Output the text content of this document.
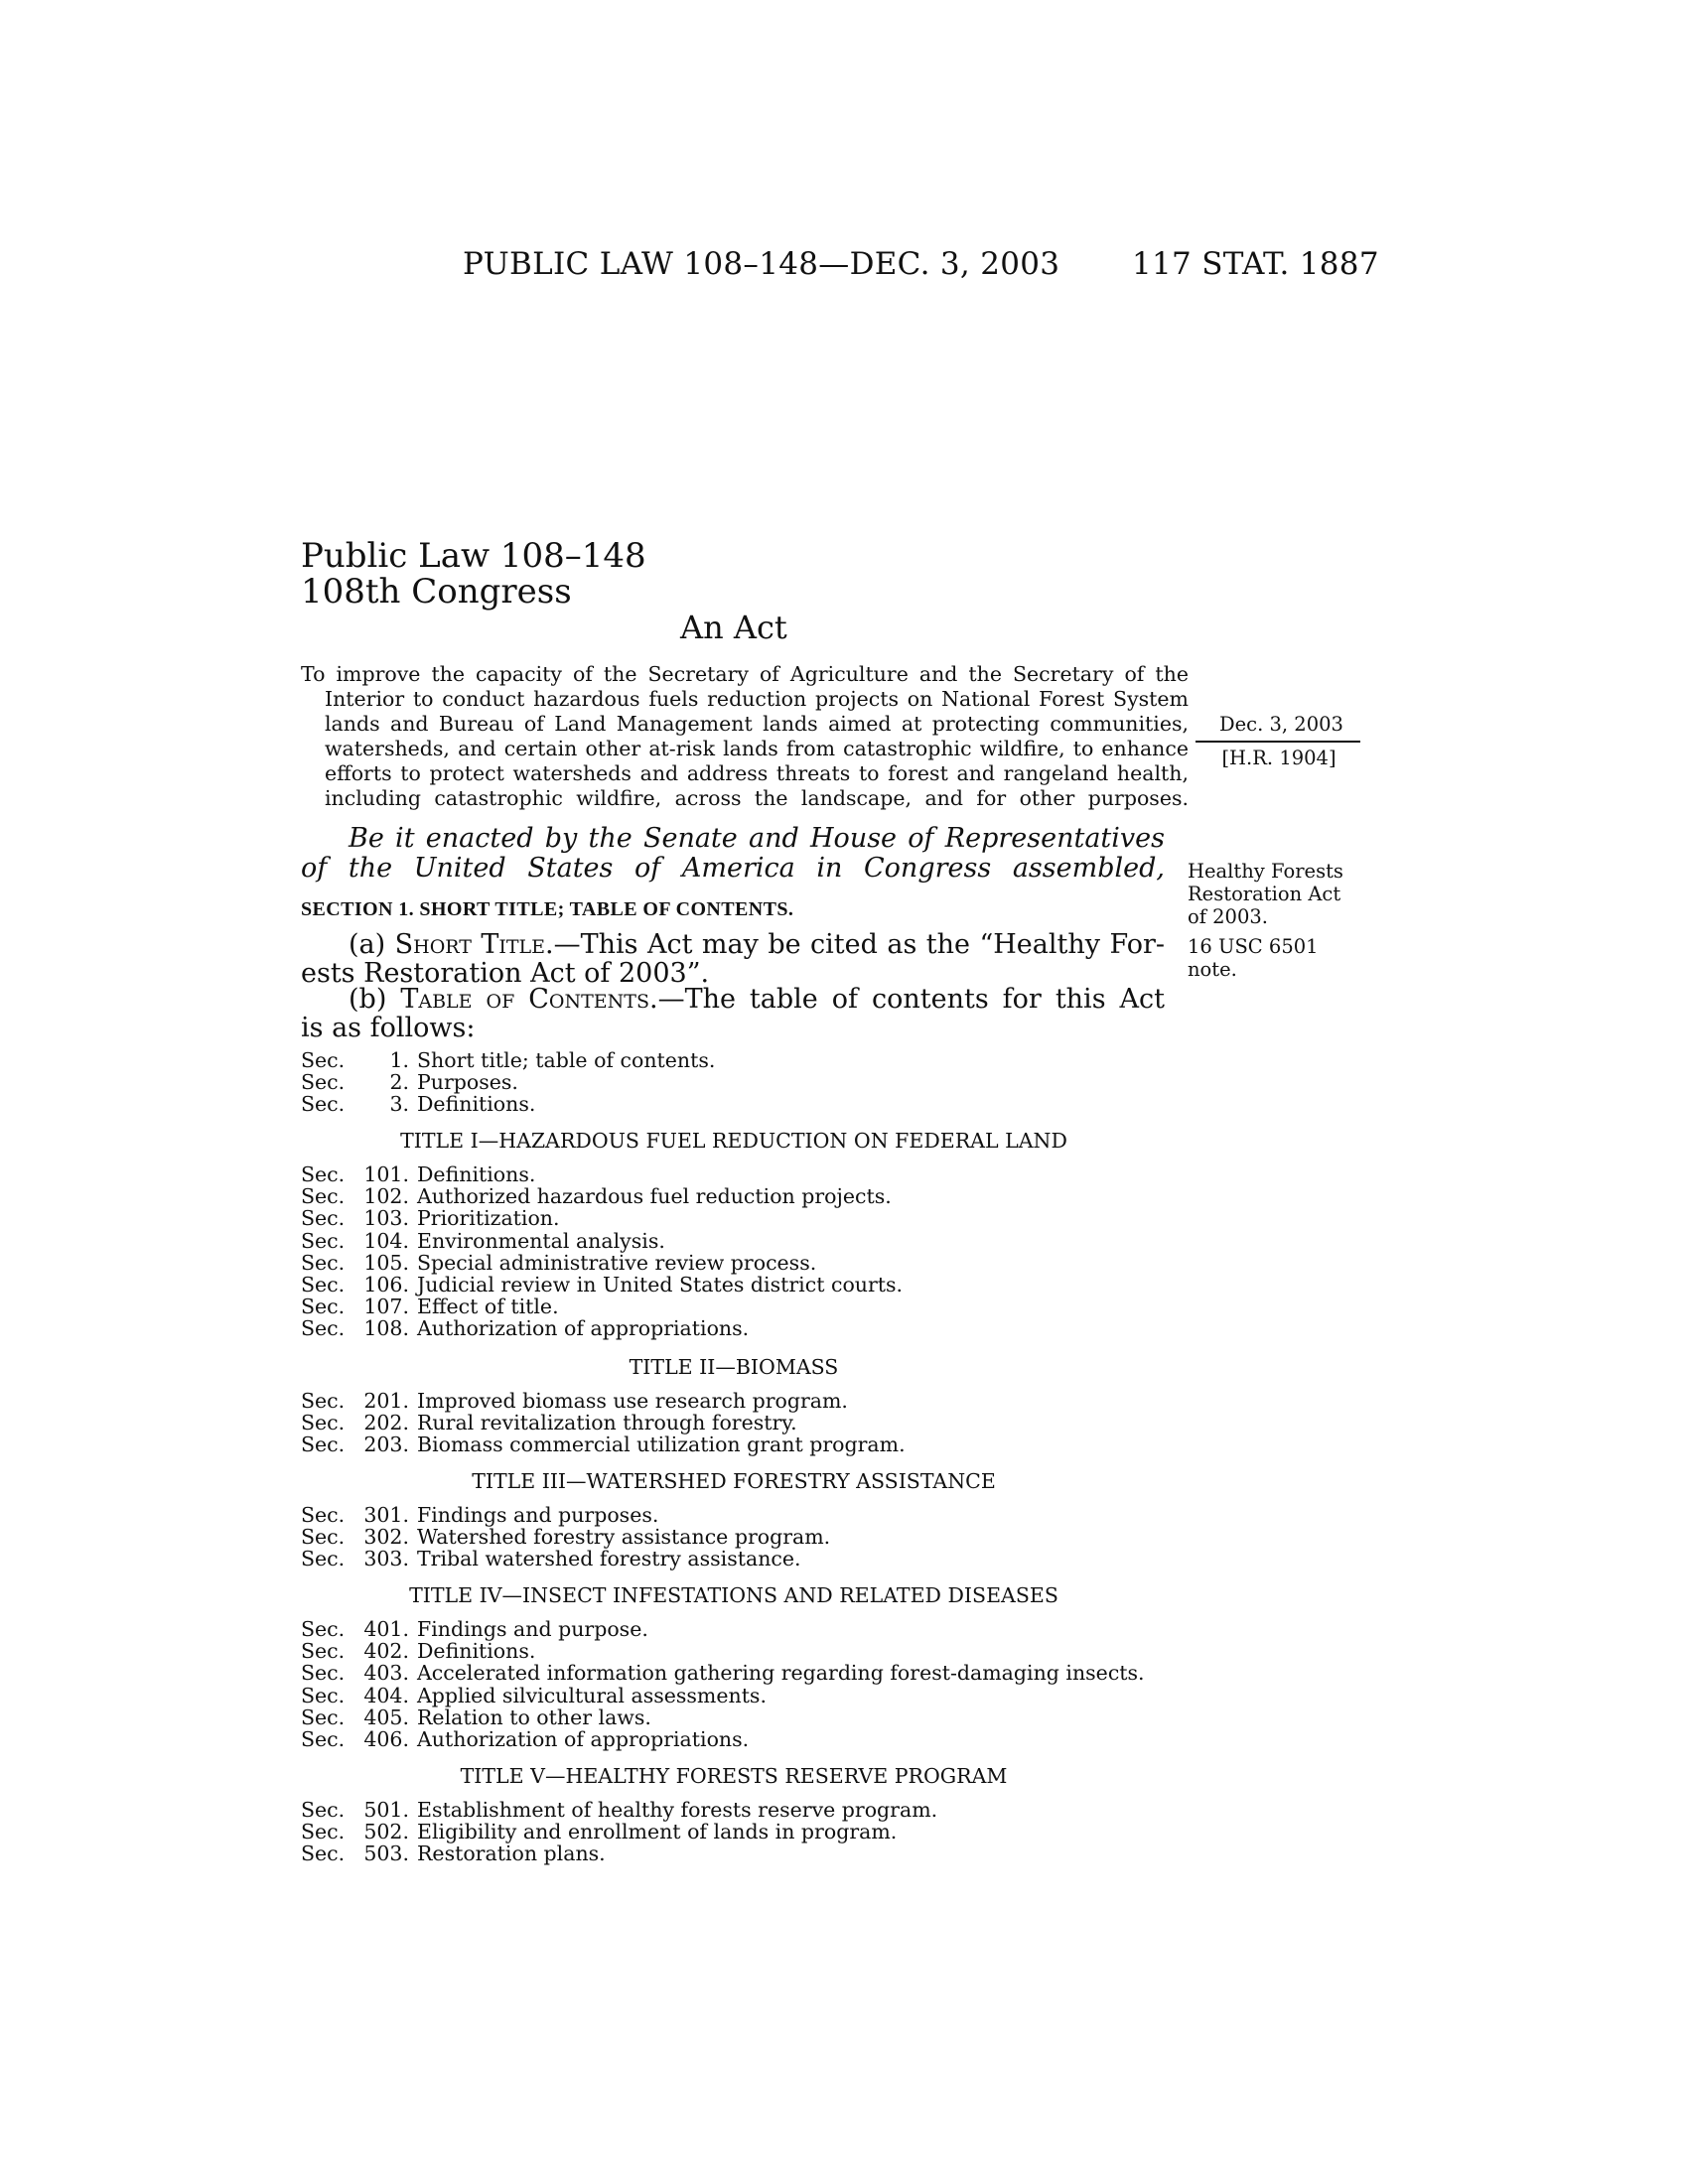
PUBLIC LAW 108–148—DEC. 3, 2003 117 STAT. 1887
Public Law 108–148
108th Congress
An Act
To improve the capacity of the Secretary of Agriculture and the Secretary of the Interior to conduct hazardous fuels reduction projects on National Forest System lands and Bureau of Land Management lands aimed at protecting communities, watersheds, and certain other at-risk lands from catastrophic wildfire, to enhance efforts to protect watersheds and address threats to forest and rangeland health, including catastrophic wildfire, across the landscape, and for other purposes.
Dec. 3, 2003
[H.R. 1904]
Healthy Forests
Restoration Act
of 2003.
16 USC 6501
note.
Be it enacted by the Senate and House of Representatives of the United States of America in Congress assembled,
SECTION 1. SHORT TITLE; TABLE OF CONTENTS.
(a) Short Title.—This Act may be cited as the “Healthy For-
ests Restoration Act of 2003”.
(b) Table of Contents.—The table of contents for this Act
is as follows:
Sec.	1. Short title; table of contents.
Sec.	2. Purposes.
Sec.	3. Definitions.
TITLE I—HAZARDOUS FUEL REDUCTION ON FEDERAL LAND
Sec. 101. Definitions.
Sec. 102. Authorized hazardous fuel reduction projects.
Sec. 103. Prioritization.
Sec. 104. Environmental analysis.
Sec. 105. Special administrative review process.
Sec. 106. Judicial review in United States district courts.
Sec. 107. Effect of title.
Sec. 108. Authorization of appropriations.
TITLE II—BIOMASS
Sec. 201. Improved biomass use research program.
Sec. 202. Rural revitalization through forestry.
Sec. 203. Biomass commercial utilization grant program.
TITLE III—WATERSHED FORESTRY ASSISTANCE
Sec. 301. Findings and purposes.
Sec. 302. Watershed forestry assistance program.
Sec. 303. Tribal watershed forestry assistance.
TITLE IV—INSECT INFESTATIONS AND RELATED DISEASES
Sec. 401. Findings and purpose.
Sec. 402. Definitions.
Sec. 403. Accelerated information gathering regarding forest-damaging insects.
Sec. 404. Applied silvicultural assessments.
Sec. 405. Relation to other laws.
Sec. 406. Authorization of appropriations.
TITLE V—HEALTHY FORESTS RESERVE PROGRAM
Sec. 501. Establishment of healthy forests reserve program.
Sec. 502. Eligibility and enrollment of lands in program.
Sec. 503. Restoration plans.
